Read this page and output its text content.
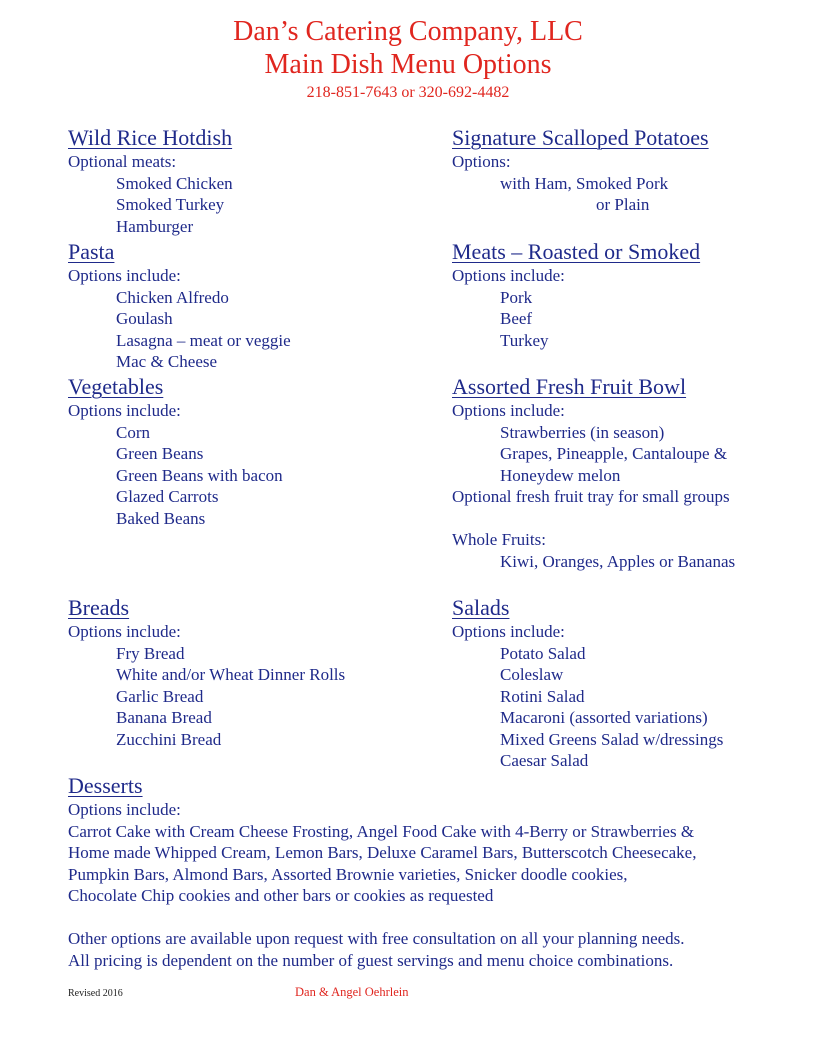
Dan’s Catering Company, LLC
Main Dish Menu Options
218-851-7643 or 320-692-4482
Wild Rice Hotdish
Optional meats:
Smoked Chicken
Smoked Turkey
Hamburger
Signature Scalloped Potatoes
Options:
with Ham, Smoked Pork
or Plain
Pasta
Options include:
Chicken Alfredo
Goulash
Lasagna – meat or veggie
Mac & Cheese
Meats – Roasted or Smoked
Options include:
Pork
Beef
Turkey
Vegetables
Options include:
Corn
Green Beans
Green Beans with bacon
Glazed Carrots
Baked Beans
Assorted Fresh Fruit Bowl
Options include:
Strawberries (in season)
Grapes, Pineapple, Cantaloupe &
Honeydew melon
Optional fresh fruit tray for small groups
Whole Fruits:
Kiwi, Oranges, Apples or Bananas
Breads
Options include:
Fry Bread
White and/or Wheat Dinner Rolls
Garlic Bread
Banana Bread
Zucchini Bread
Salads
Options include:
Potato Salad
Coleslaw
Rotini Salad
Macaroni (assorted variations)
Mixed Greens Salad w/dressings
Caesar Salad
Desserts
Options include:
Carrot Cake with Cream Cheese Frosting, Angel Food Cake with 4-Berry or Strawberries &
Home made Whipped Cream, Lemon Bars, Deluxe Caramel Bars, Butterscotch Cheesecake,
Pumpkin Bars, Almond Bars, Assorted Brownie varieties, Snicker doodle cookies,
Chocolate Chip cookies and other bars or cookies as requested
Other options are available upon request with free consultation on all your planning needs.
All pricing is dependent on the number of guest servings and menu choice combinations.
Revised 2016	Dan & Angel Oehrlein
